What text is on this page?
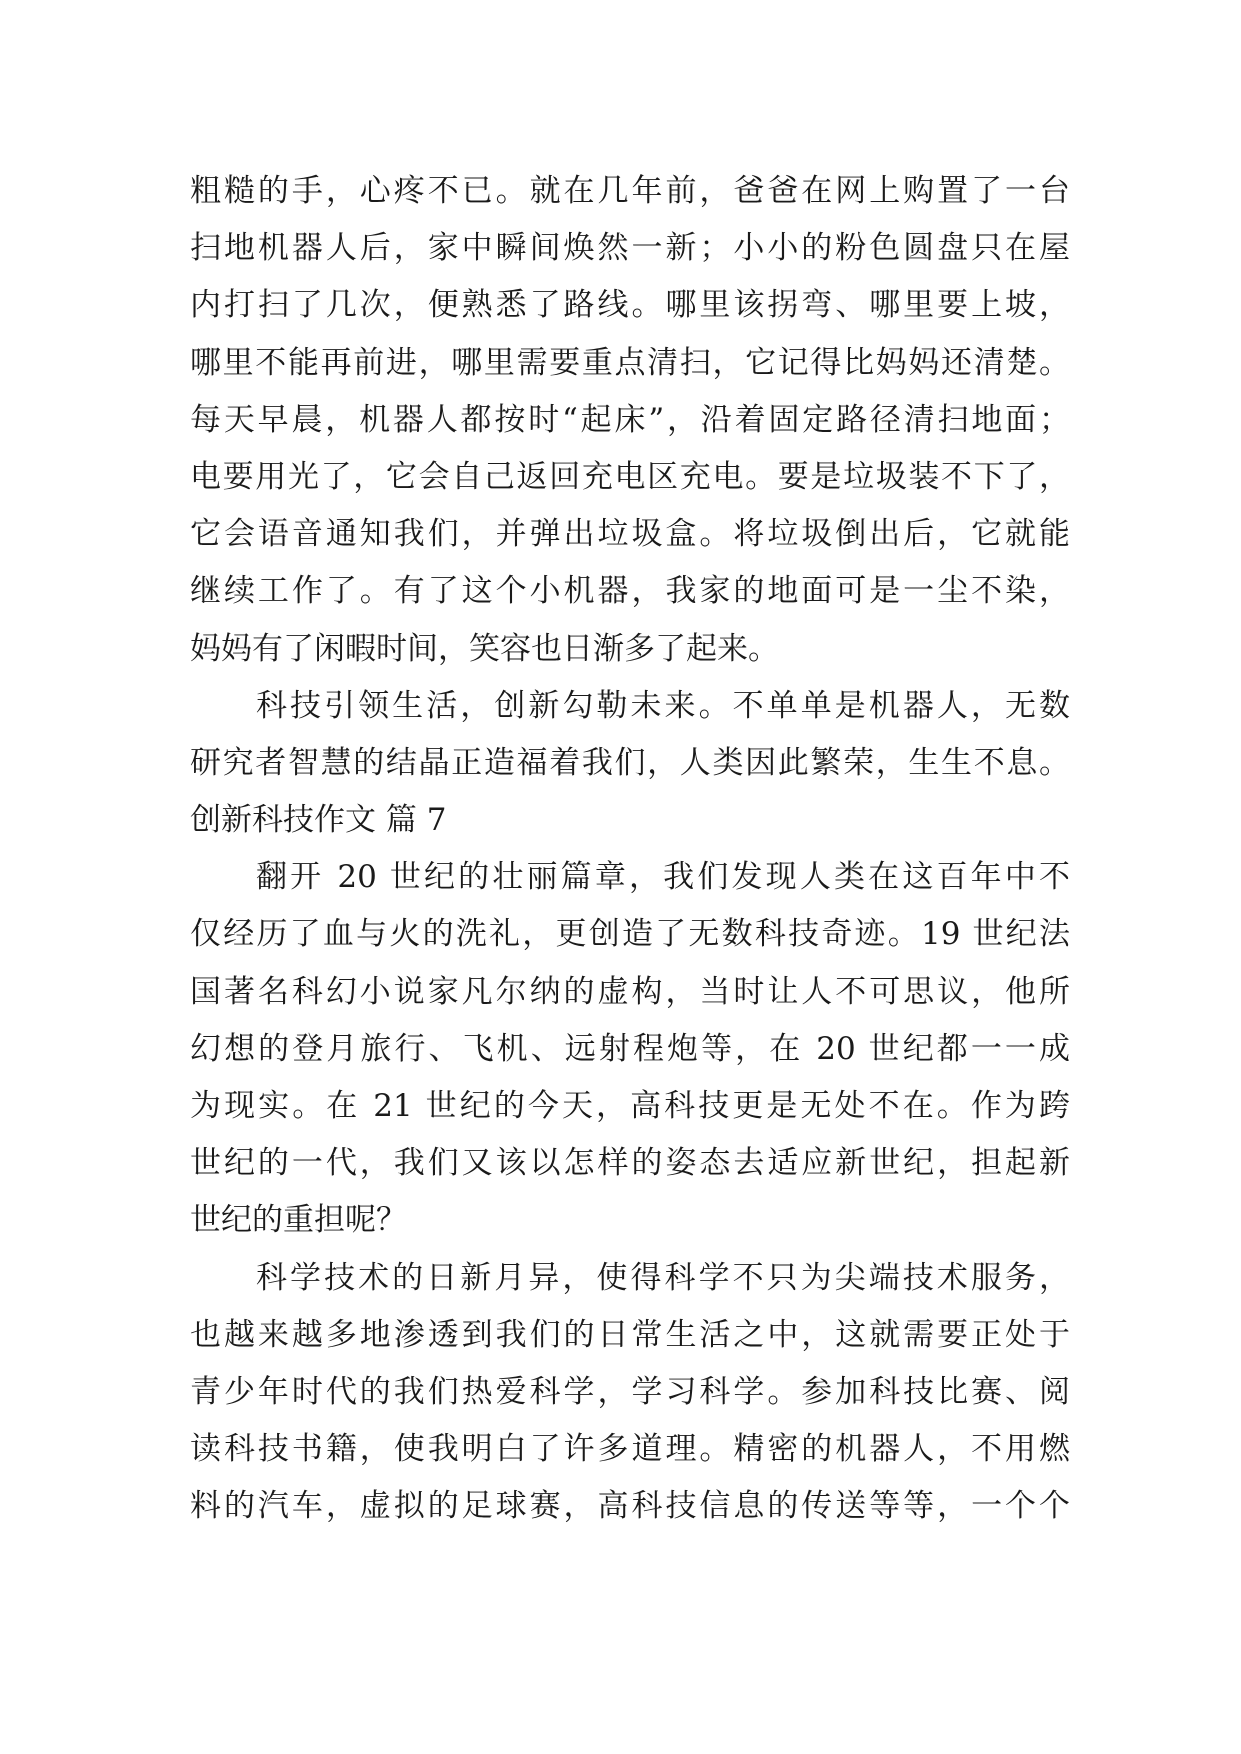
粗糙的手，心疼不已。就在几年前，爸爸在网上购置了一台
扫地机器人后，家中瞬间焕然一新；小小的粉色圆盘只在屋
内打扫了几次，便熟悉了路线。哪里该拐弯、哪里要上坡，
哪里不能再前进，哪里需要重点清扫，它记得比妈妈还清楚。
每天早晨，机器人都按时“起床”，沿着固定路径清扫地面；
电要用光了，它会自己返回充电区充电。要是垃圾装不下了，
它会语音通知我们，并弹出垃圾盒。将垃圾倒出后，它就能
继续工作了。有了这个小机器，我家的地面可是一尘不染，
妈妈有了闲暇时间，笑容也日渐多了起来。
科技引领生活，创新勾勒未来。不单单是机器人，无数
研究者智慧的结晶正造福着我们，人类因此繁荣，生生不息。
创新科技作文 篇 7
翻开 20 世纪的壮丽篇章，我们发现人类在这百年中不
仅经历了血与火的洗礼，更创造了无数科技奇迹。19 世纪法
国著名科幻小说家凡尔纳的虚构，当时让人不可思议，他所
幻想的登月旅行、飞机、远射程炮等，在 20 世纪都一一成
为现实。在 21 世纪的今天，高科技更是无处不在。作为跨
世纪的一代，我们又该以怎样的姿态去适应新世纪，担起新
世纪的重担呢？
科学技术的日新月异，使得科学不只为尖端技术服务，
也越来越多地渗透到我们的日常生活之中，这就需要正处于
青少年时代的我们热爱科学，学习科学。参加科技比赛、阅
读科技书籍，使我明白了许多道理。精密的机器人，不用燃
料的汽车，虚拟的足球赛，高科技信息的传送等等，一个个
